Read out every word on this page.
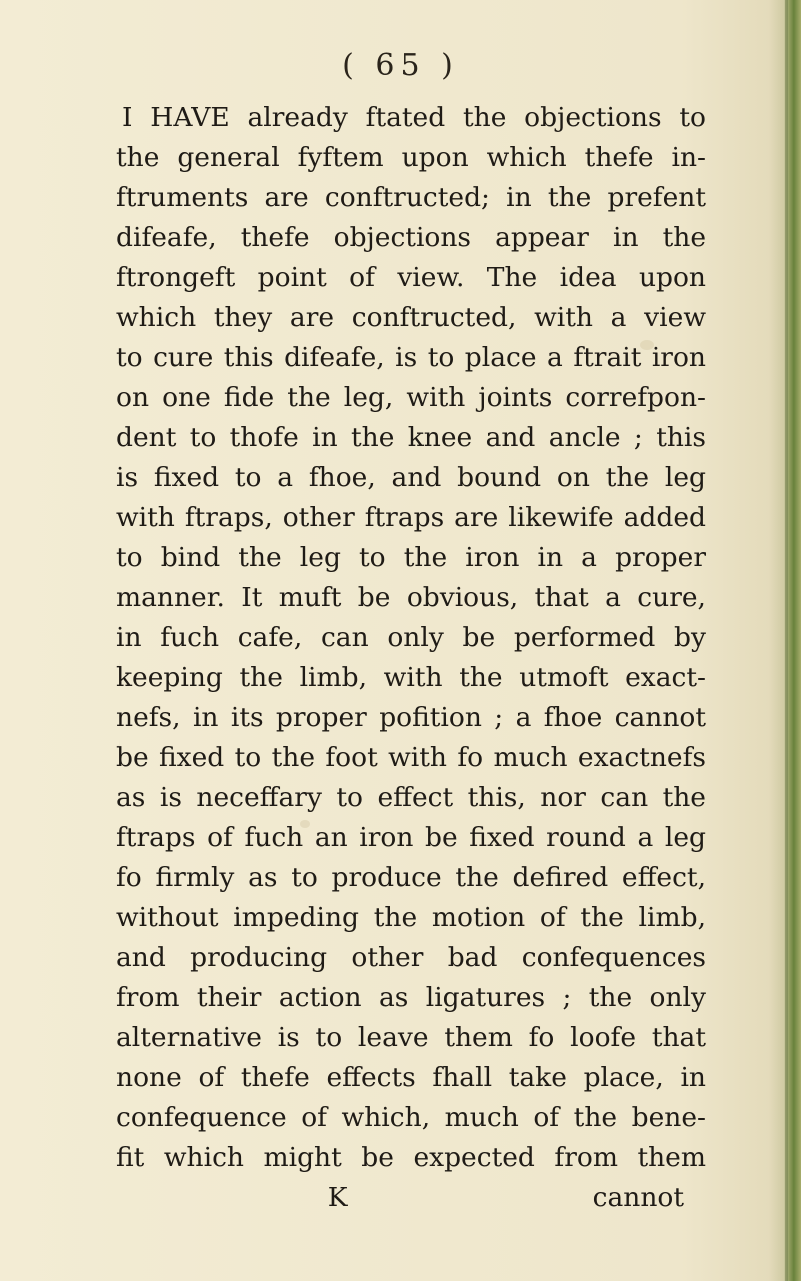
( 65 )
I HAVE already ftated the objections to
the general fyftem upon which thefe in-
ftruments are conftructed; in the prefent
difeafe, thefe objections appear in the
ftrongeft point of view. The idea upon
which they are conftructed, with a view
to cure this difeafe, is to place a ftrait iron
on one fide the leg, with joints correfpon-
dent to thofe in the knee and ancle ; this
is fixed to a fhoe, and bound on the leg
with ftraps, other ftraps are likewife added
to bind the leg to the iron in a proper
manner. It muft be obvious, that a cure,
in fuch cafe, can only be performed by
keeping the limb, with the utmoft exact-
nefs, in its proper pofition ; a fhoe cannot
be fixed to the foot with fo much exactnefs
as is neceffary to effect this, nor can the
ftraps of fuch an iron be fixed round a leg
fo firmly as to produce the defired effect,
without impeding the motion of the limb,
and producing other bad confequences
from their action as ligatures ; the only
alternative is to leave them fo loofe that
none of thefe effects fhall take place, in
confequence of which, much of the bene-
fit which might be expected from them
K	cannot
